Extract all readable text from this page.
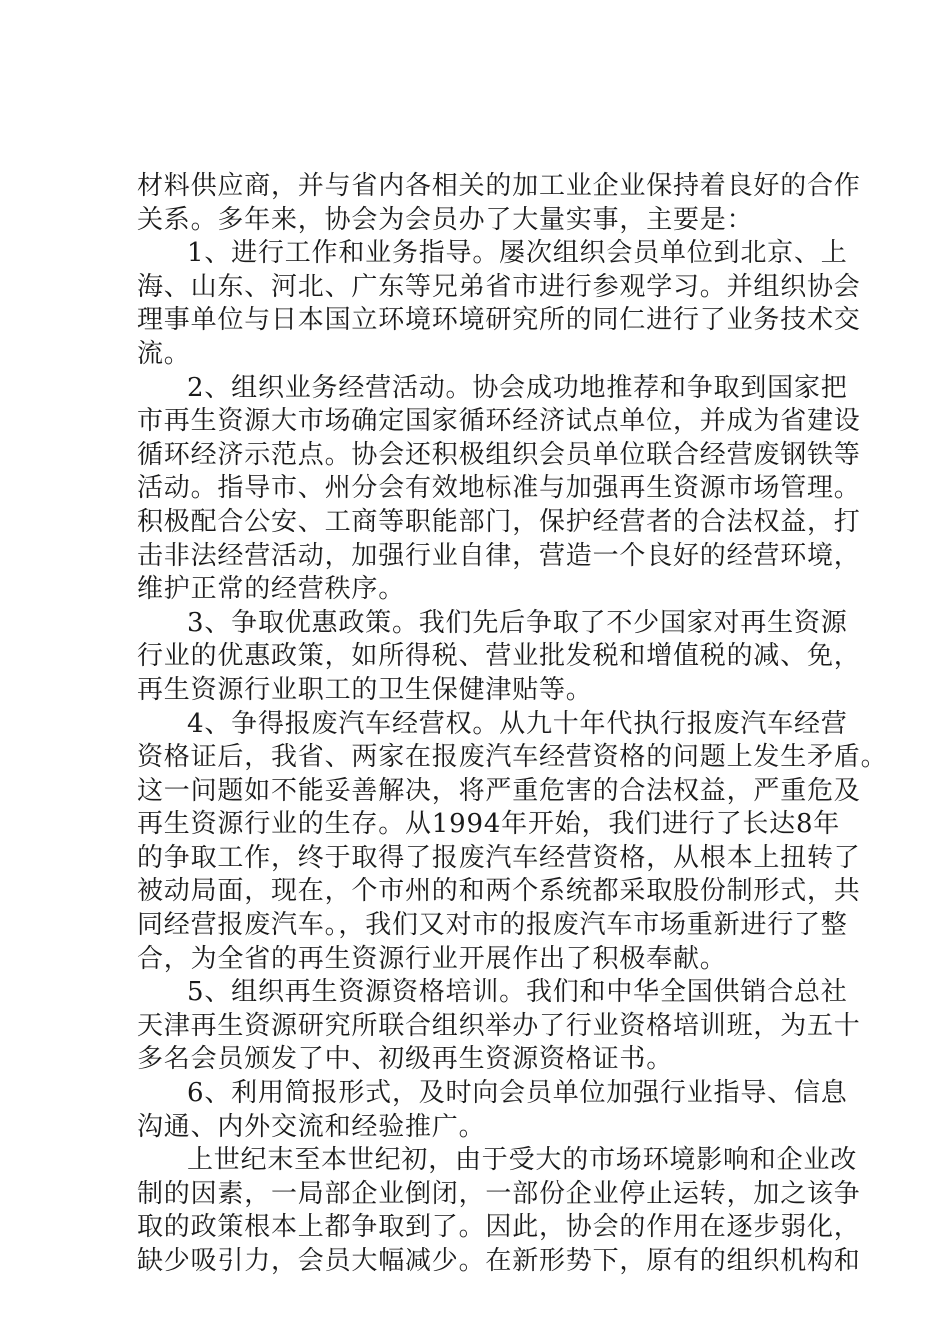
材料供应商，并与省内各相关的加工业企业保持着良好的合作
关系。多年来，协会为会员办了大量实事，主要是：
1、进行工作和业务指导。屡次组织会员单位到北京、上
海、山东、河北、广东等兄弟省市进行参观学习。并组织协会
理事单位与日本国立环境环境研究所的同仁进行了业务技术交
流。
2、组织业务经营活动。协会成功地推荐和争取到国家把
市再生资源大市场确定国家循环经济试点单位，并成为省建设
循环经济示范点。协会还积极组织会员单位联合经营废钢铁等
活动。指导市、州分会有效地标准与加强再生资源市场管理。
积极配合公安、工商等职能部门，保护经营者的合法权益，打
击非法经营活动，加强行业自律，营造一个良好的经营环境，
维护正常的经营秩序。
3、争取优惠政策。我们先后争取了不少国家对再生资源
行业的优惠政策，如所得税、营业批发税和增值税的减、免，
再生资源行业职工的卫生保健津贴等。
4、争得报废汽车经营权。从九十年代执行报废汽车经营
资格证后，我省、两家在报废汽车经营资格的问题上发生矛盾。
这一问题如不能妥善解决，将严重危害的合法权益，严重危及
再生资源行业的生存。从1994年开始，我们进行了长达8年
的争取工作，终于取得了报废汽车经营资格，从根本上扭转了
被动局面，现在，个市州的和两个系统都采取股份制形式，共
同经营报废汽车。，我们又对市的报废汽车市场重新进行了整
合，为全省的再生资源行业开展作出了积极奉献。
5、组织再生资源资格培训。我们和中华全国供销合总社
天津再生资源研究所联合组织举办了行业资格培训班，为五十
多名会员颁发了中、初级再生资源资格证书。
6、利用简报形式，及时向会员单位加强行业指导、信息
沟通、内外交流和经验推广。
上世纪末至本世纪初，由于受大的市场环境影响和企业改
制的因素，一局部企业倒闭，一部份企业停止运转，加之该争
取的政策根本上都争取到了。因此，协会的作用在逐步弱化，
缺少吸引力，会员大幅减少。在新形势下，原有的组织机构和
